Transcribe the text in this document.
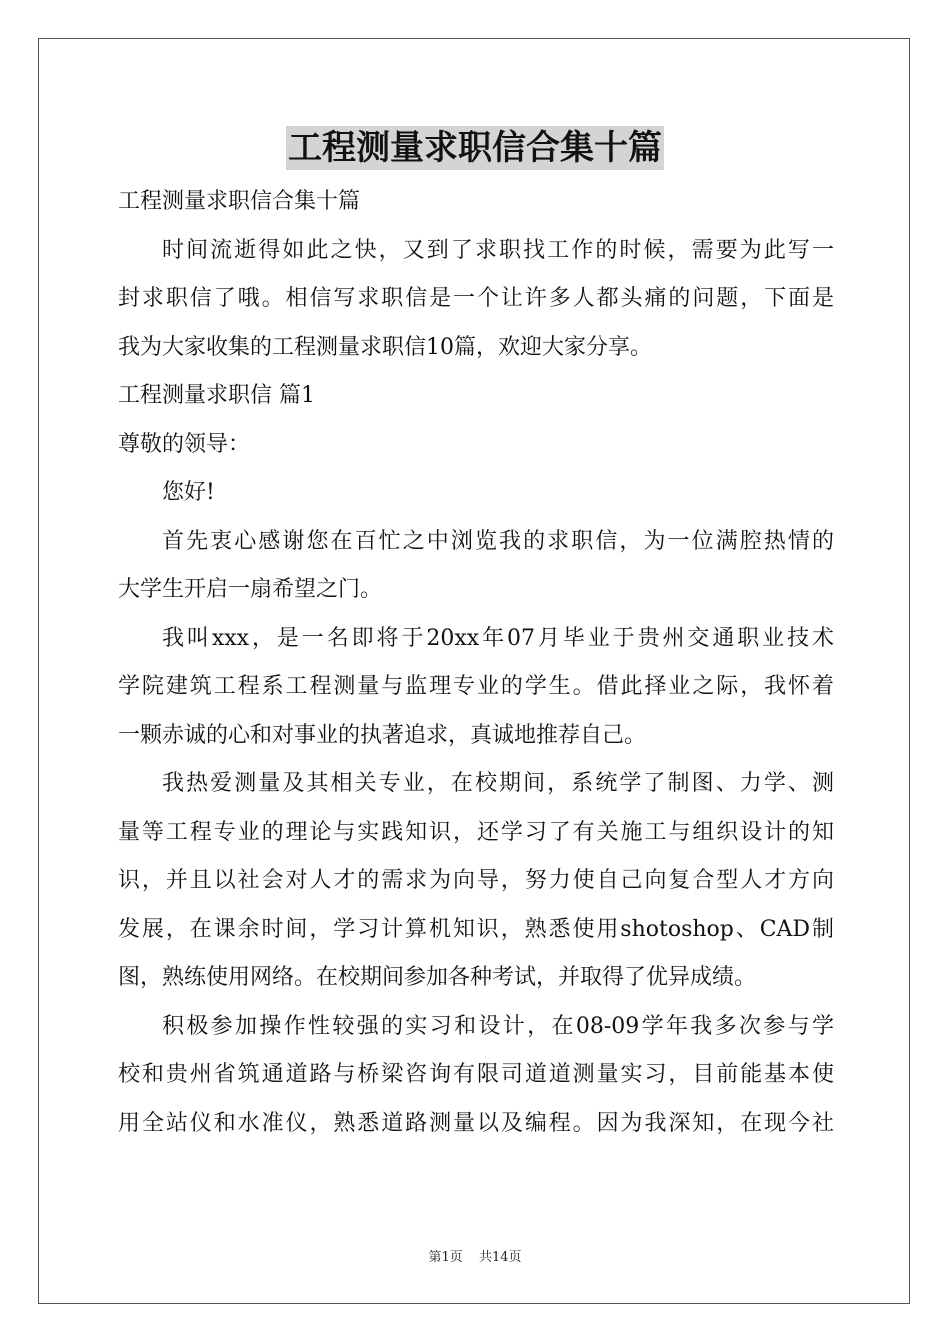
工程测量求职信合集十篇
工程测量求职信合集十篇
时间流逝得如此之快，又到了求职找工作的时候，需要为此写一
封求职信了哦。相信写求职信是一个让许多人都头痛的问题，下面是
我为大家收集的工程测量求职信10篇，欢迎大家分享。
工程测量求职信 篇1
尊敬的领导：
您好!
首先衷心感谢您在百忙之中浏览我的求职信，为一位满腔热情的
大学生开启一扇希望之门。
我叫xxx，是一名即将于20xx年07月毕业于贵州交通职业技术
学院建筑工程系工程测量与监理专业的学生。借此择业之际，我怀着
一颗赤诚的心和对事业的执著追求，真诚地推荐自己。
我热爱测量及其相关专业，在校期间，系统学了制图、力学、测
量等工程专业的理论与实践知识，还学习了有关施工与组织设计的知
识，并且以社会对人才的需求为向导，努力使自己向复合型人才方向
发展，在课余时间，学习计算机知识，熟悉使用shotoshop、CAD制
图，熟练使用网络。在校期间参加各种考试，并取得了优异成绩。
积极参加操作性较强的实习和设计，在08-09学年我多次参与学
校和贵州省筑通道路与桥梁咨询有限司道道测量实习，目前能基本使
用全站仪和水准仪，熟悉道路测量以及编程。因为我深知，在现今社
第1页 共14页
